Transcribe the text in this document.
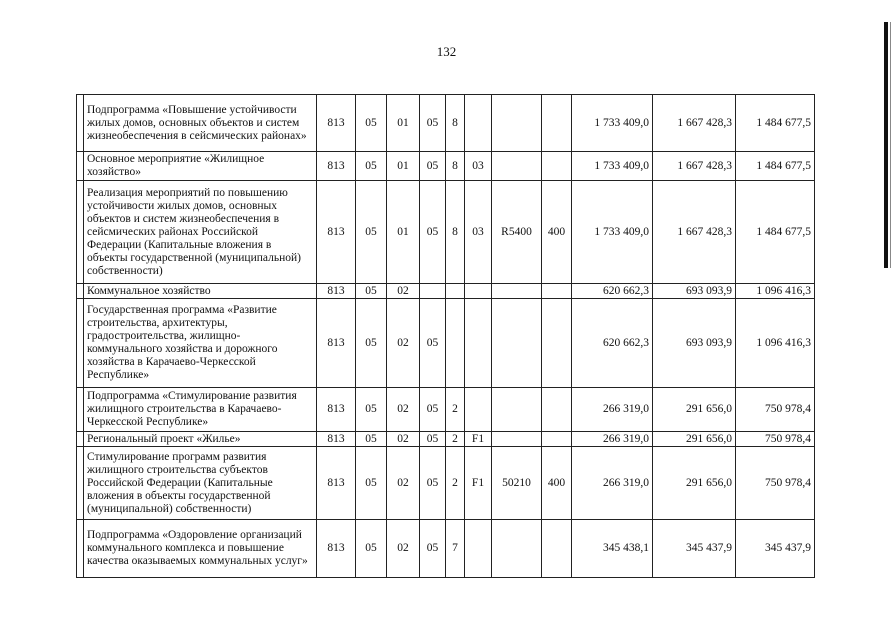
132
	Подпрограмма «Повышение устойчивости жилых домов, основных объектов и систем жизнеобеспечения в сейсмических районах»	813	05	01	05	8				1 733 409,0	1 667 428,3	1 484 677,5
	Основное мероприятие «Жилищное хозяйство»	813	05	01	05	8	03			1 733 409,0	1 667 428,3	1 484 677,5
	Реализация мероприятий по повышению устойчивости жилых домов, основных объектов и систем жизнеобеспечения в сейсмических районах Российской Федерации (Капитальные вложения в объекты государственной (муниципальной) собственности)	813	05	01	05	8	03	R5400	400	1 733 409,0	1 667 428,3	1 484 677,5
	Коммунальное хозяйство	813	05	02						620 662,3	693 093,9	1 096 416,3
	Государственная программа «Развитие строительства, архитектуры, градостроительства, жилищно-коммунального хозяйства и дорожного хозяйства в Карачаево-Черкесской Республике»	813	05	02	05					620 662,3	693 093,9	1 096 416,3
	Подпрограмма «Стимулирование развития жилищного строительства в Карачаево-Черкесской Республике»	813	05	02	05	2				266 319,0	291 656,0	750 978,4
	Региональный проект «Жилье»	813	05	02	05	2	F1			266 319,0	291 656,0	750 978,4
	Стимулирование программ развития жилищного строительства субъектов Российской Федерации (Капитальные вложения в объекты государственной (муниципальной) собственности)	813	05	02	05	2	F1	50210	400	266 319,0	291 656,0	750 978,4
	Подпрограмма «Оздоровление организаций коммунального комплекса и повышение качества оказываемых коммунальных услуг»	813	05	02	05	7				345 438,1	345 437,9	345 437,9
